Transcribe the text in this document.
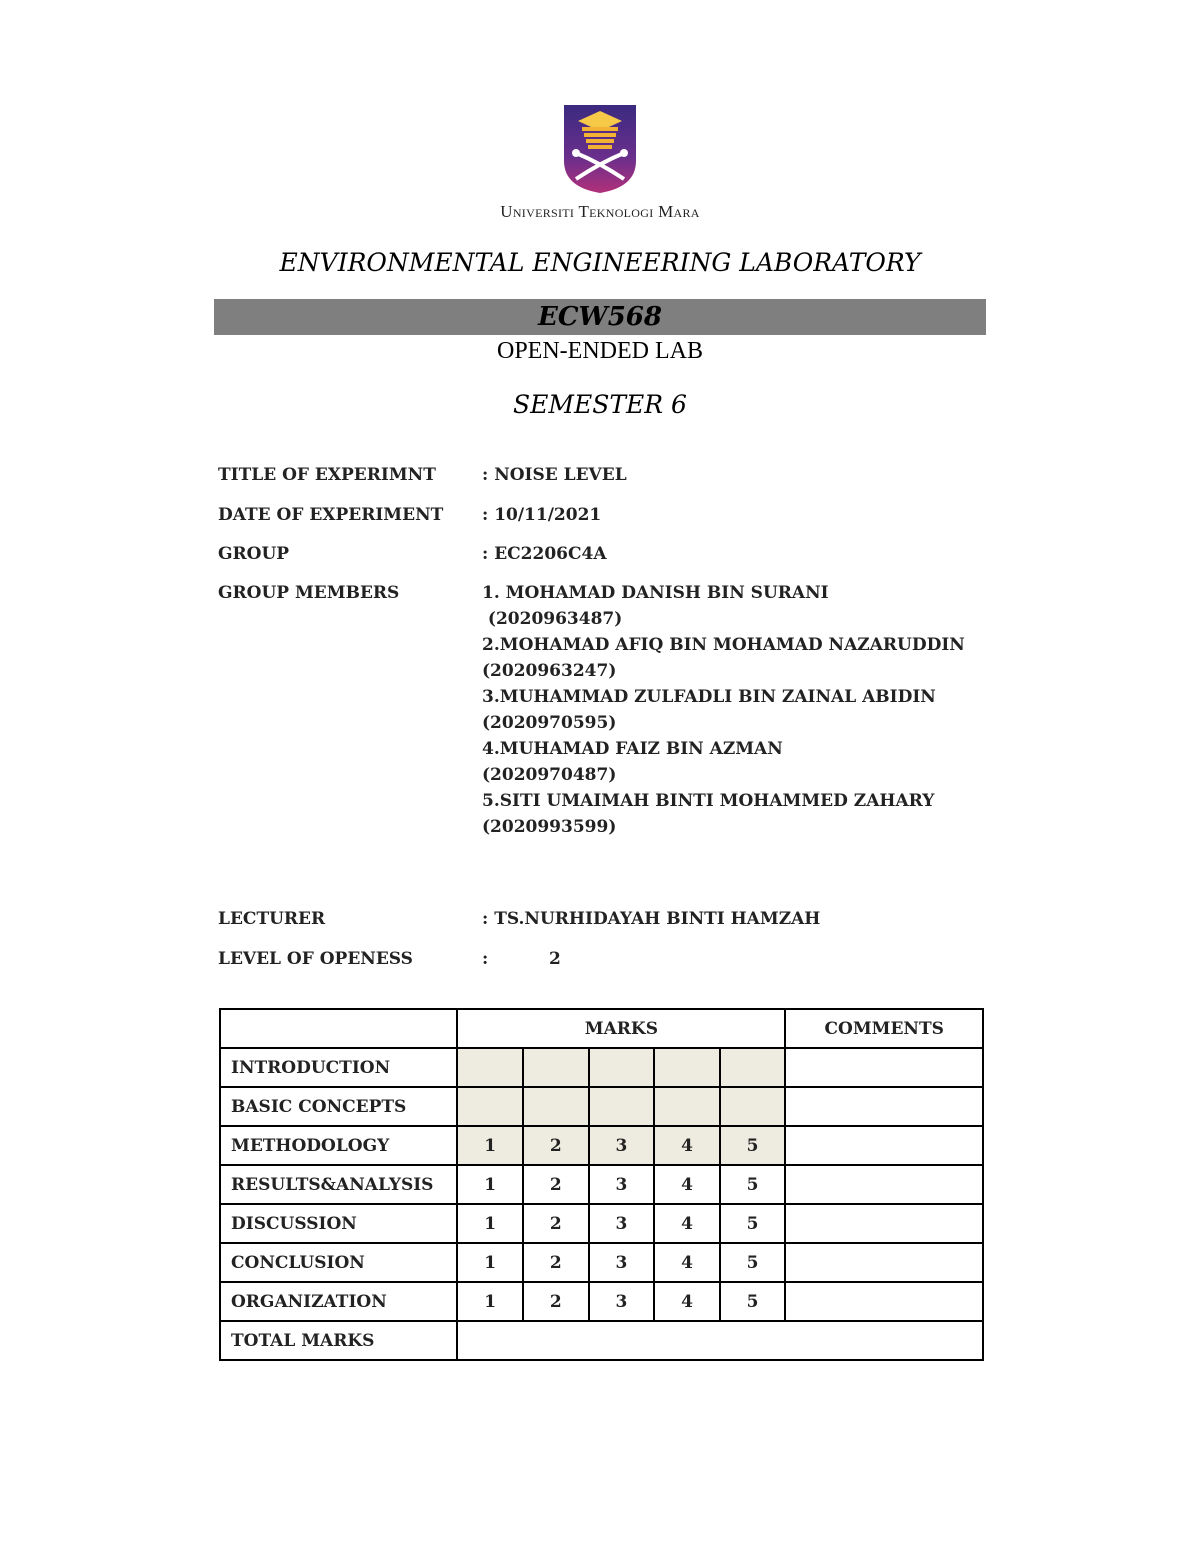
Universiti Teknologi Mara
ENVIRONMENTAL ENGINEERING LABORATORY
ECW568
OPEN-ENDED LAB
SEMESTER 6
TITLE OF EXPERIMNT	: NOISE LEVEL
DATE OF EXPERIMENT : 10/11/2021
GROUP	: EC2206C4A
GROUP MEMBERS	1. MOHAMAD DANISH BIN SURANI
(2020963487)
2.MOHAMAD AFIQ BIN MOHAMAD NAZARUDDIN
(2020963247)
3.MUHAMMAD ZULFADLI BIN ZAINAL ABIDIN
(2020970595)
4.MUHAMAD FAIZ BIN AZMAN
(2020970487)
5.SITI UMAIMAH BINTI MOHAMMED ZAHARY
(2020993599)
LECTURER	: TS.NURHIDAYAH BINTI HAMZAH
LEVEL OF OPENESS	:	2
	MARKS					COMMENTS
INTRODUCTION						
BASIC CONCEPTS						
METHODOLOGY	1	2	3	4	5	
RESULTS&ANALYSIS	1	2	3	4	5	
DISCUSSION	1	2	3	4	5	
CONCLUSION	1	2	3	4	5	
ORGANIZATION	1	2	3	4	5	
TOTAL MARKS						
